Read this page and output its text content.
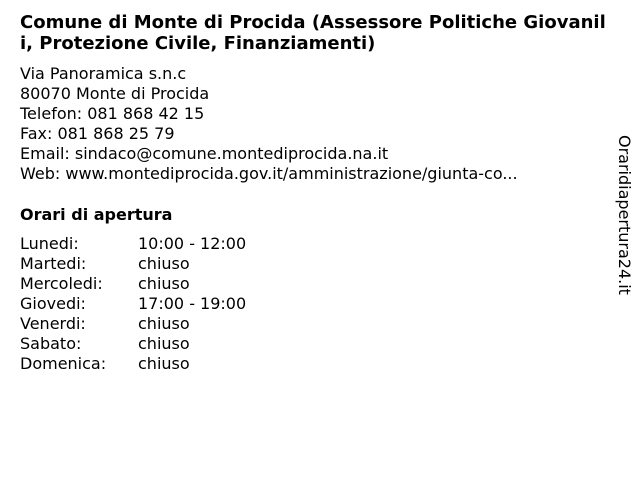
Comune di Monte di Procida (Assessore Politiche Giovanili, Protezione Civile, Finanziamenti)
Via Panoramica s.n.c
80070 Monte di Procida
Telefon: 081 868 42 15
Fax: 081 868 25 79
Email: sindaco@comune.montediprocida.na.it
Web: www.montediprocida.gov.it/amministrazione/giunta-co...
Orari di apertura
Lunedi:	10:00 - 12:00
Martedi:	chiuso
Mercoledi:	chiuso
Giovedi:	17:00 - 19:00
Venerdi:	chiuso
Sabato:	chiuso
Domenica:	chiuso
Oraridiapertura24.it
